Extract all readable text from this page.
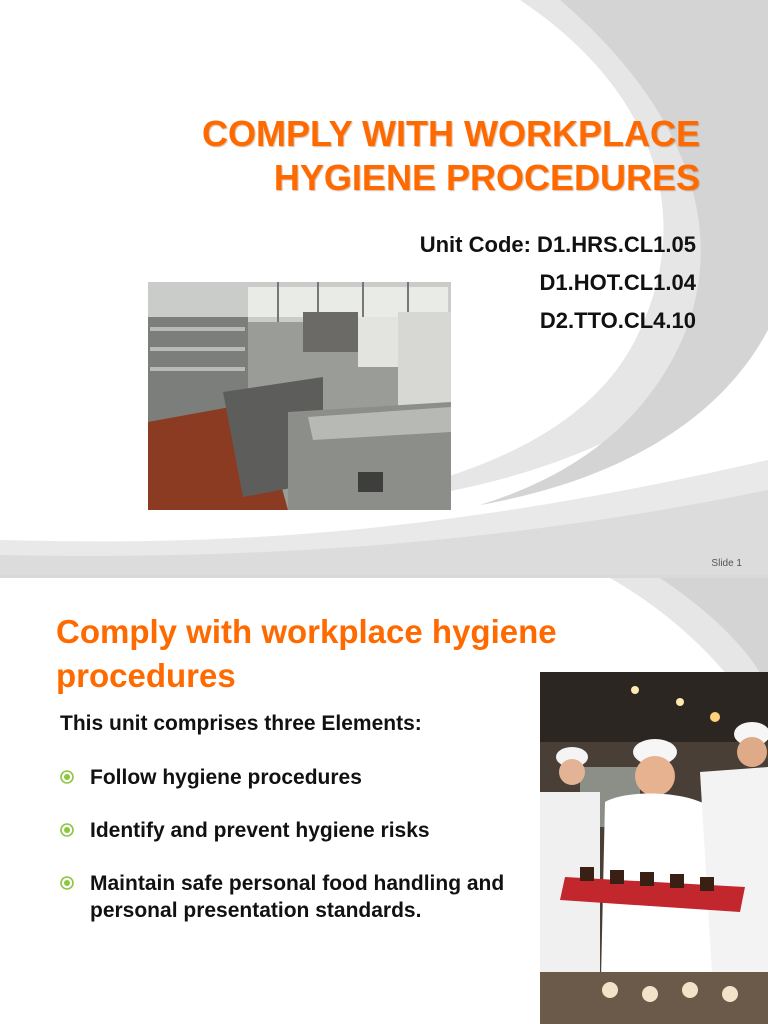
COMPLY WITH WORKPLACE HYGIENE PROCEDURES
Unit Code: D1.HRS.CL1.05
D1.HOT.CL1.04
D2.TTO.CL4.10
Slide 1
Comply with workplace hygiene procedures

This unit comprises three Elements:

Follow hygiene procedures
Identify and prevent hygiene risks
Maintain safe personal food handling and personal presentation standards.
